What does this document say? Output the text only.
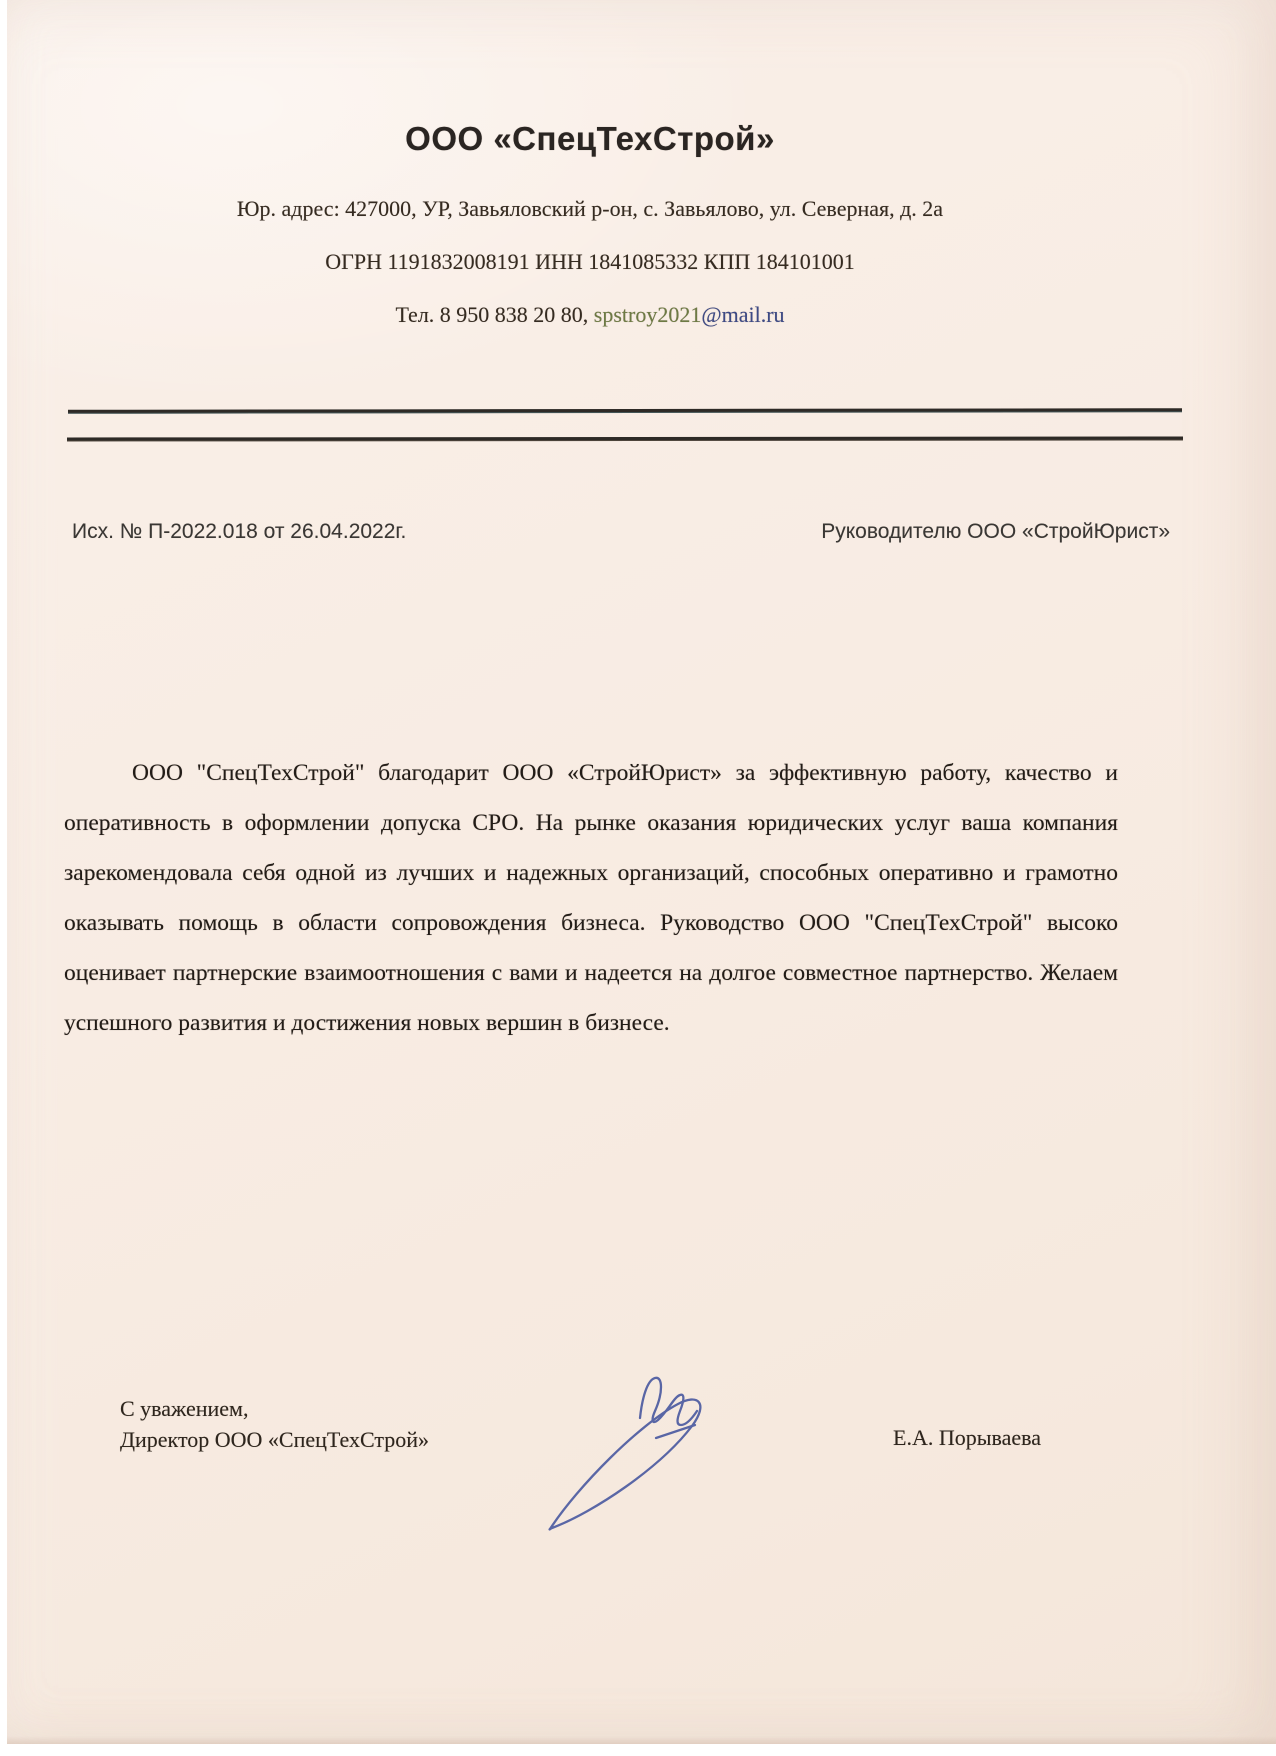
ООО «СпецТехСтрой»
Юр. адрес: 427000, УР, Завьяловский р-он, с. Завьялово, ул. Северная, д. 2а
ОГРН 1191832008191 ИНН 1841085332 КПП 184101001
Тел. 8 950 838 20 80, spstroy2021@mail.ru
Исх. № П-2022.018 от 26.04.2022г.	Руководителю ООО «СтройЮрист»
ООО "СпецТехСтрой" благодарит ООО «СтройЮрист» за эффективную работу, качество и оперативность в оформлении допуска СРО. На рынке оказания юридических услуг ваша компания зарекомендовала себя одной из лучших и надежных организаций, способных оперативно и грамотно оказывать помощь в области сопровождения бизнеса. Руководство ООО "СпецТехСтрой" высоко оценивает партнерские взаимоотношения с вами и надеется на долгое совместное партнерство. Желаем успешного развития и достижения новых вершин в бизнесе.
С уважением,
Директор ООО «СпецТехСтрой»	Е.А. Порываева
